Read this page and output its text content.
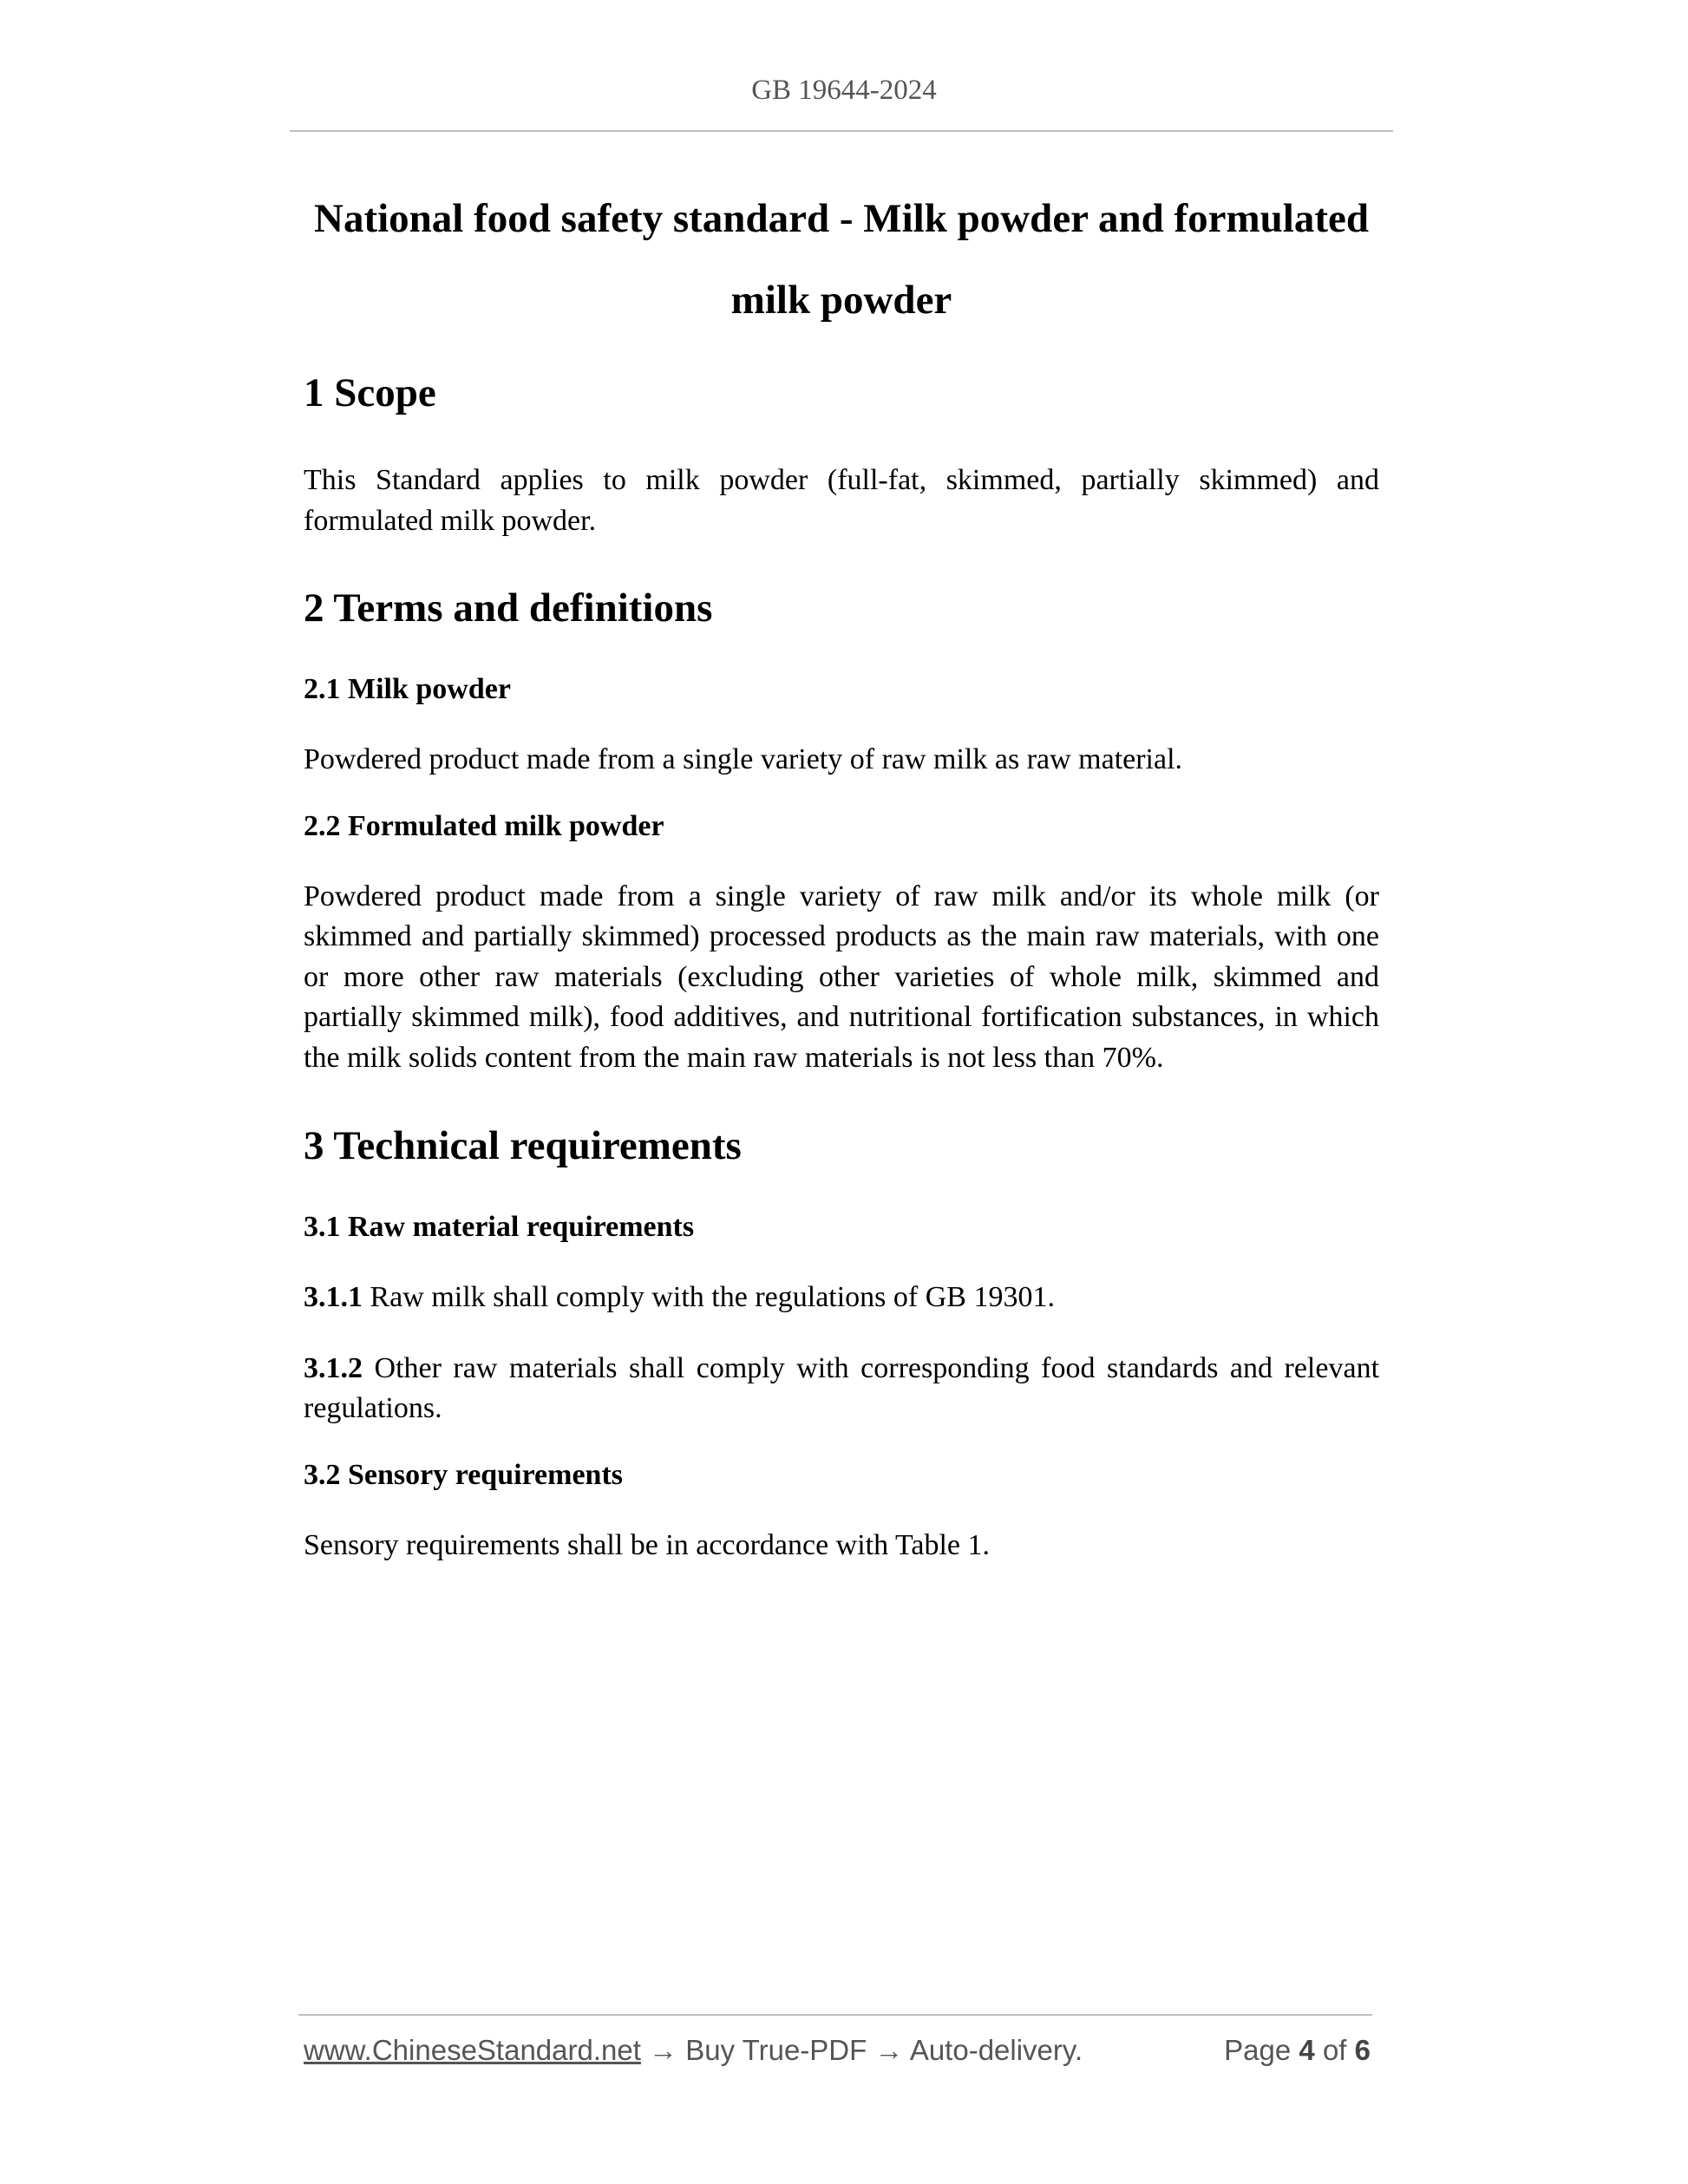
GB 19644-2024

National food safety standard - Milk powder and formulated

milk powder

1 Scope

This Standard applies to milk powder (full-fat, skimmed, partially skimmed) and formulated milk powder.

2 Terms and definitions
2.1 Milk powder

Powdered product made from a single variety of raw milk as raw material.

2.2 Formulated milk powder

Powdered product made from a single variety of raw milk and/or its whole milk (or skimmed and partially skimmed) processed products as the main raw materials, with one or more other raw materials (excluding other varieties of whole milk, skimmed and partially skimmed milk), food additives, and nutritional fortification substances, in which the milk solids content from the main raw materials is not less than 70%.

3 Technical requirements
3.1 Raw material requirements

3.1.1 Raw milk shall comply with the regulations of GB 19301.

3.1.2 Other raw materials shall comply with corresponding food standards and relevant regulations.

3.2 Sensory requirements

Sensory requirements shall be in accordance with Table 1.

www.ChineseStandard.net → Buy True-PDF → Auto-delivery.	Page 4 of 6
